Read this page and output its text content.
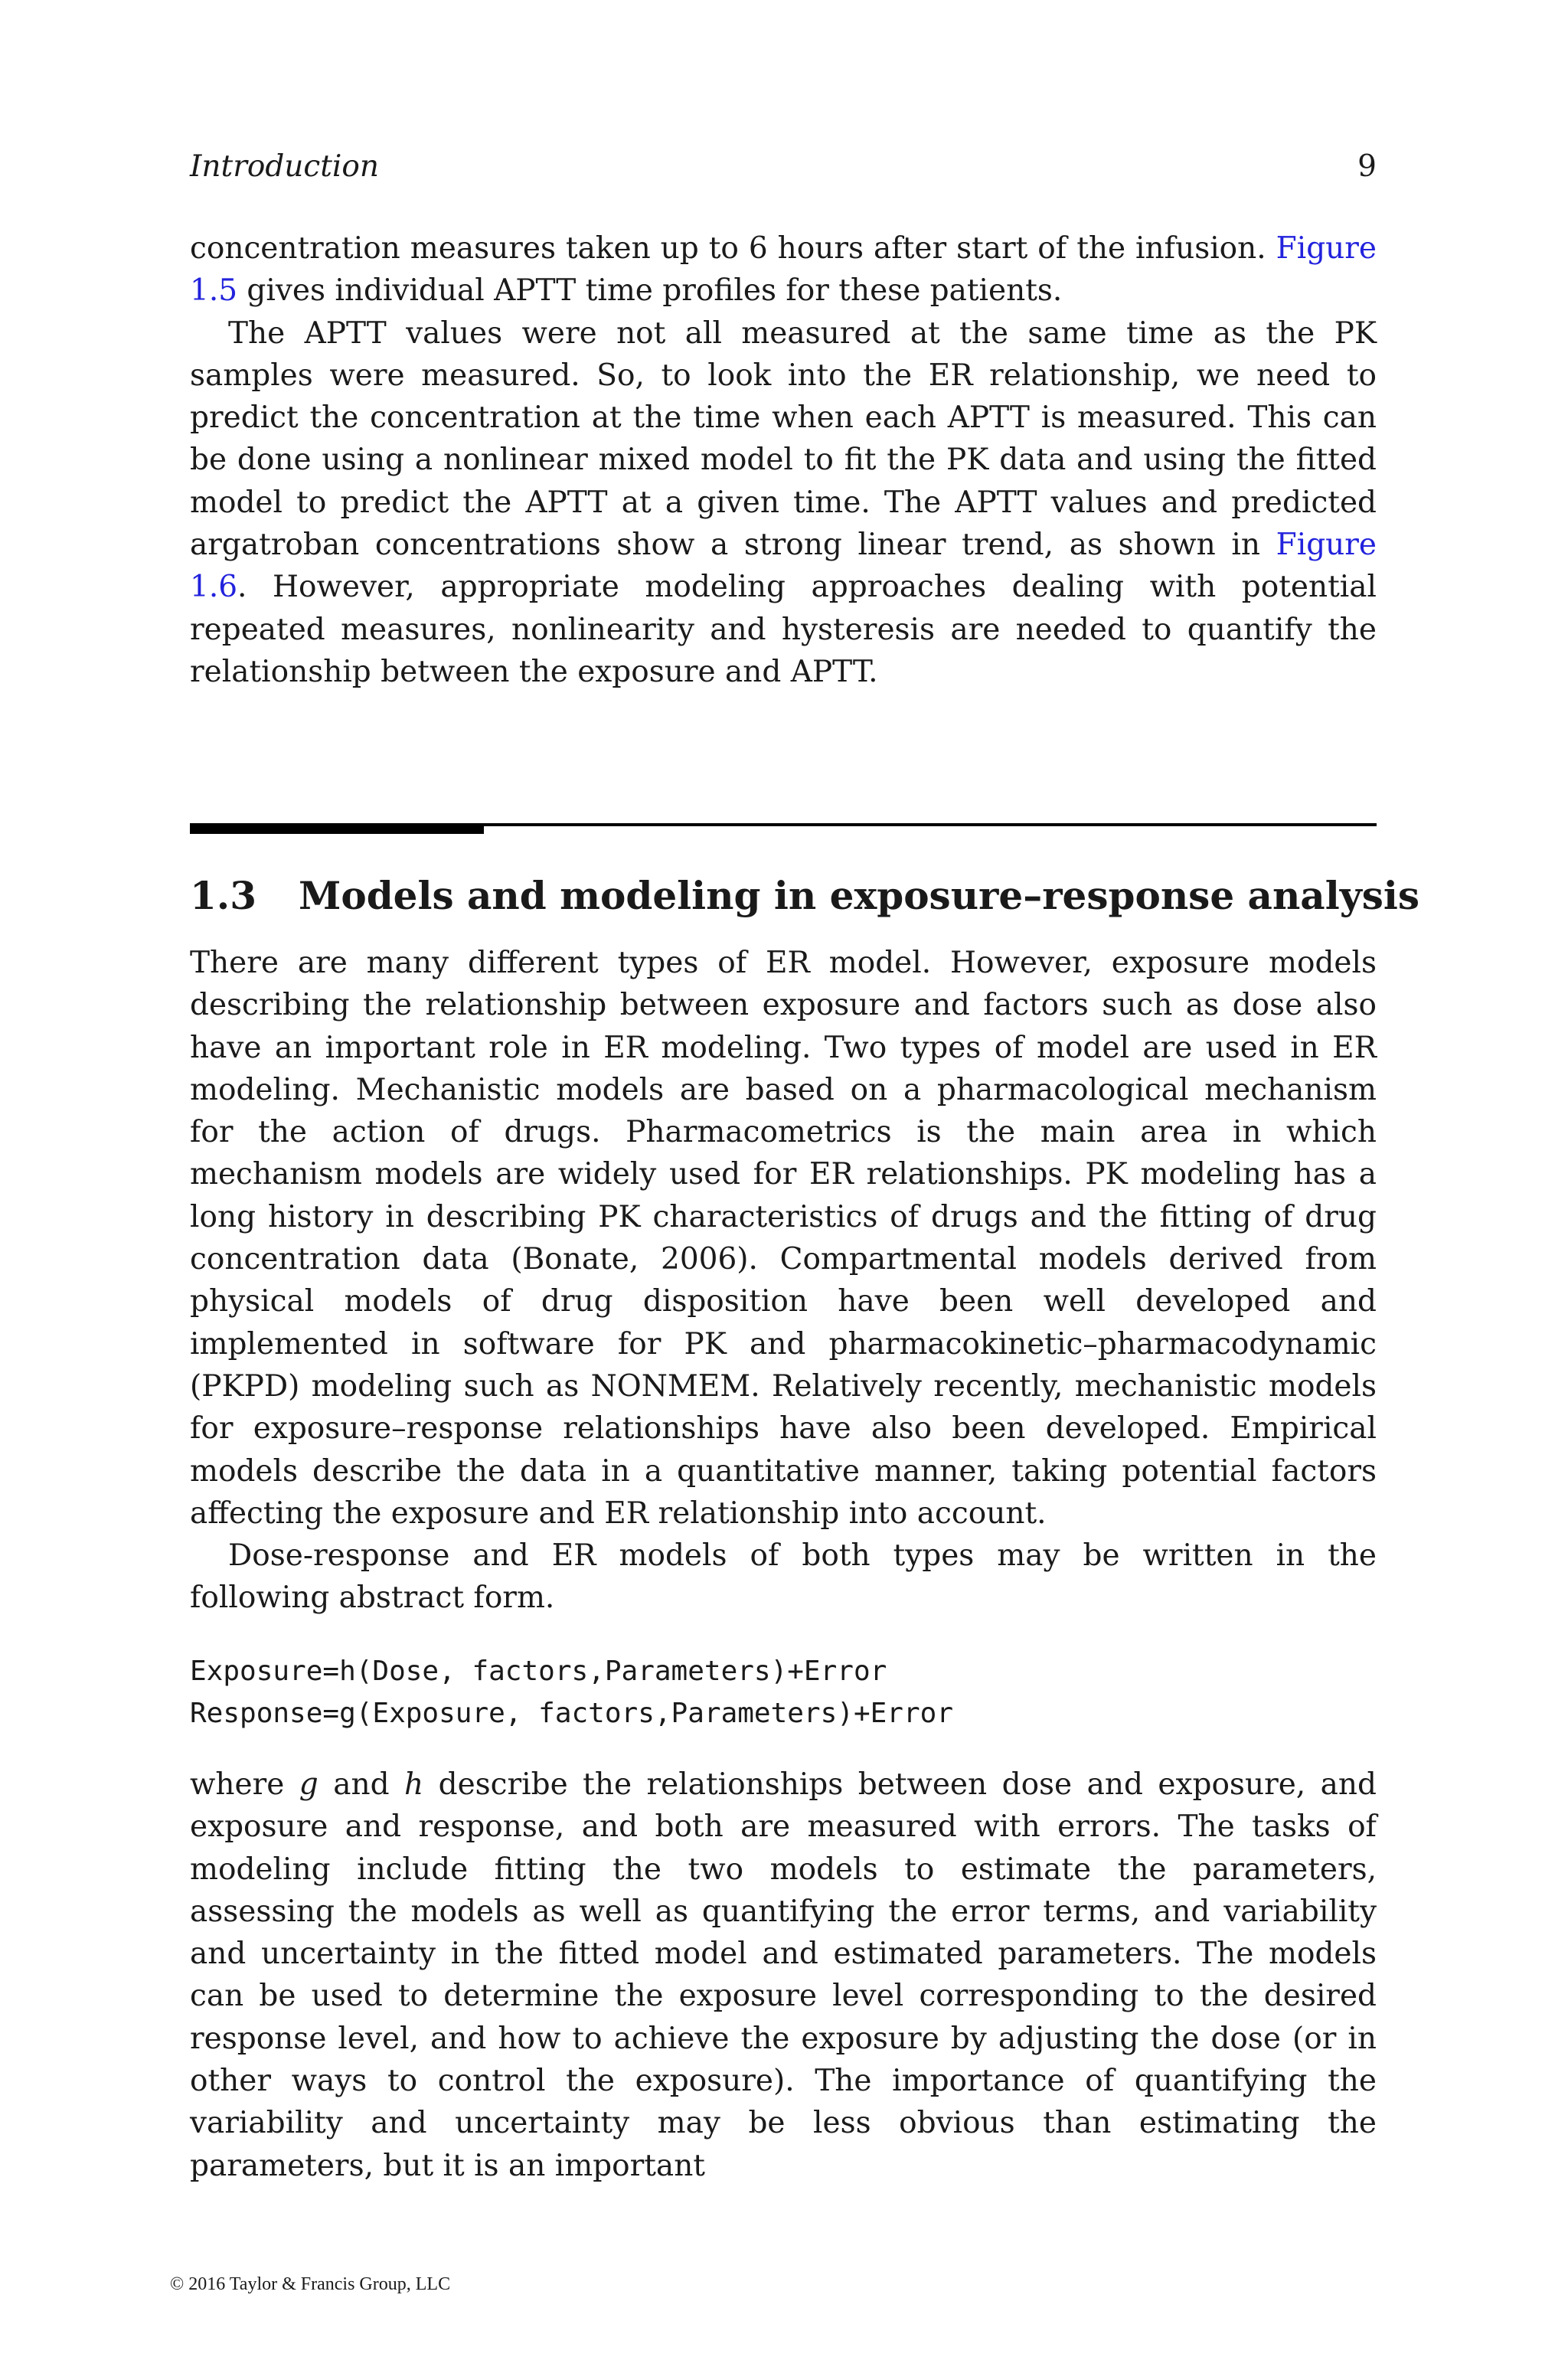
Introduction	9

concentration measures taken up to 6 hours after start of the infusion. Figure 1.5 gives individual APTT time profiles for these patients.

The APTT values were not all measured at the same time as the PK samples were measured. So, to look into the ER relationship, we need to predict the concentration at the time when each APTT is measured. This can be done using a nonlinear mixed model to fit the PK data and using the fitted model to predict the APTT at a given time. The APTT values and predicted argatroban concentrations show a strong linear trend, as shown in Figure 1.6. However, appropriate modeling approaches dealing with potential repeated measures, nonlinearity and hysteresis are needed to quantify the relationship between the exposure and APTT.

1.3 Models and modeling in exposure–response analysis

There are many different types of ER model. However, exposure models describing the relationship between exposure and factors such as dose also have an important role in ER modeling. Two types of model are used in ER modeling. Mechanistic models are based on a pharmacological mechanism for the action of drugs. Pharmacometrics is the main area in which mechanism models are widely used for ER relationships. PK modeling has a long history in describing PK characteristics of drugs and the fitting of drug concentration data (Bonate, 2006). Compartmental models derived from physical models of drug disposition have been well developed and implemented in software for PK and pharmacokinetic–pharmacodynamic (PKPD) modeling such as NONMEM. Relatively recently, mechanistic models for exposure–response relationships have also been developed. Empirical models describe the data in a quantitative manner, taking potential factors affecting the exposure and ER relationship into account.

Dose-response and ER models of both types may be written in the following abstract form.

Exposure=h(Dose, factors,Parameters)+Error
Response=g(Exposure, factors,Parameters)+Error

where g and h describe the relationships between dose and exposure, and exposure and response, and both are measured with errors. The tasks of modeling include fitting the two models to estimate the parameters, assessing the models as well as quantifying the error terms, and variability and uncertainty in the fitted model and estimated parameters. The models can be used to determine the exposure level corresponding to the desired response level, and how to achieve the exposure by adjusting the dose (or in other ways to control the exposure). The importance of quantifying the variability and uncertainty may be less obvious than estimating the parameters, but it is an important

© 2016 Taylor & Francis Group, LLC
